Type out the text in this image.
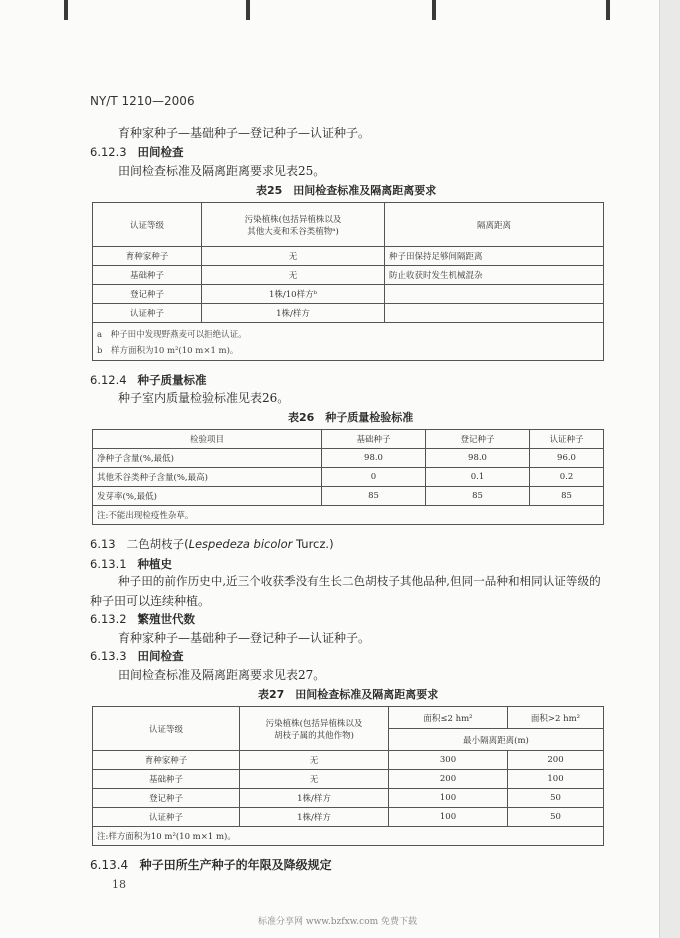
NY/T 1210—2006
育种家种子—基础种子—登记种子—认证种子。
6.12.3 田间检查
田间检查标准及隔离距离要求见表25。
表25　田间检查标准及隔离距离要求
认证等级	污染植株(包括异植株以及
其他大麦和禾谷类植物ᵃ)	隔离距离
育种家种子	无	种子田保持足够间隔距离
基础种子	无	防止收获时发生机械混杂
登记种子	1株/10样方ᵇ	
认证种子	1株/样方	

a　种子田中发现野燕麦可以拒绝认证。
b　样方面积为10 m²(10 m×1 m)。		
6.12.4 种子质量标准
种子室内质量检验标准见表26。
表26　种子质量检验标准
检验项目	基础种子	登记种子	认证种子
净种子含量(%,最低)	98.0	98.0	96.0
其他禾谷类种子含量(%,最高)	0	0.1	0.2
发芽率(%,最低)	85	85	85
注:不能出现检疫性杂草。			
6.13 二色胡枝子(Lespedeza bicolor Turcz.)
6.13.1 种植史
种子田的前作历史中,近三个收获季没有生长二色胡枝子其他品种,但同一品种和相同认证等级的
种子田可以连续种植。
6.13.2 繁殖世代数
育种家种子—基础种子—登记种子—认证种子。
6.13.3 田间检查
田间检查标准及隔离距离要求见表27。
表27　田间检查标准及隔离距离要求
认证等级	污染植株(包括异植株以及
胡枝子属的其他作物)	面积≤2 hm²	面积>2 hm²
		最小隔离距离(m)	
育种家种子	无	300	200
基础种子	无	200	100
登记种子	1株/样方	100	50
认证种子	1株/样方	100	50
注:样方面积为10 m²(10 m×1 m)。			
6.13.4 种子田所生产种子的年限及降级规定
18
标准分享网 www.bzfxw.com 免费下载
